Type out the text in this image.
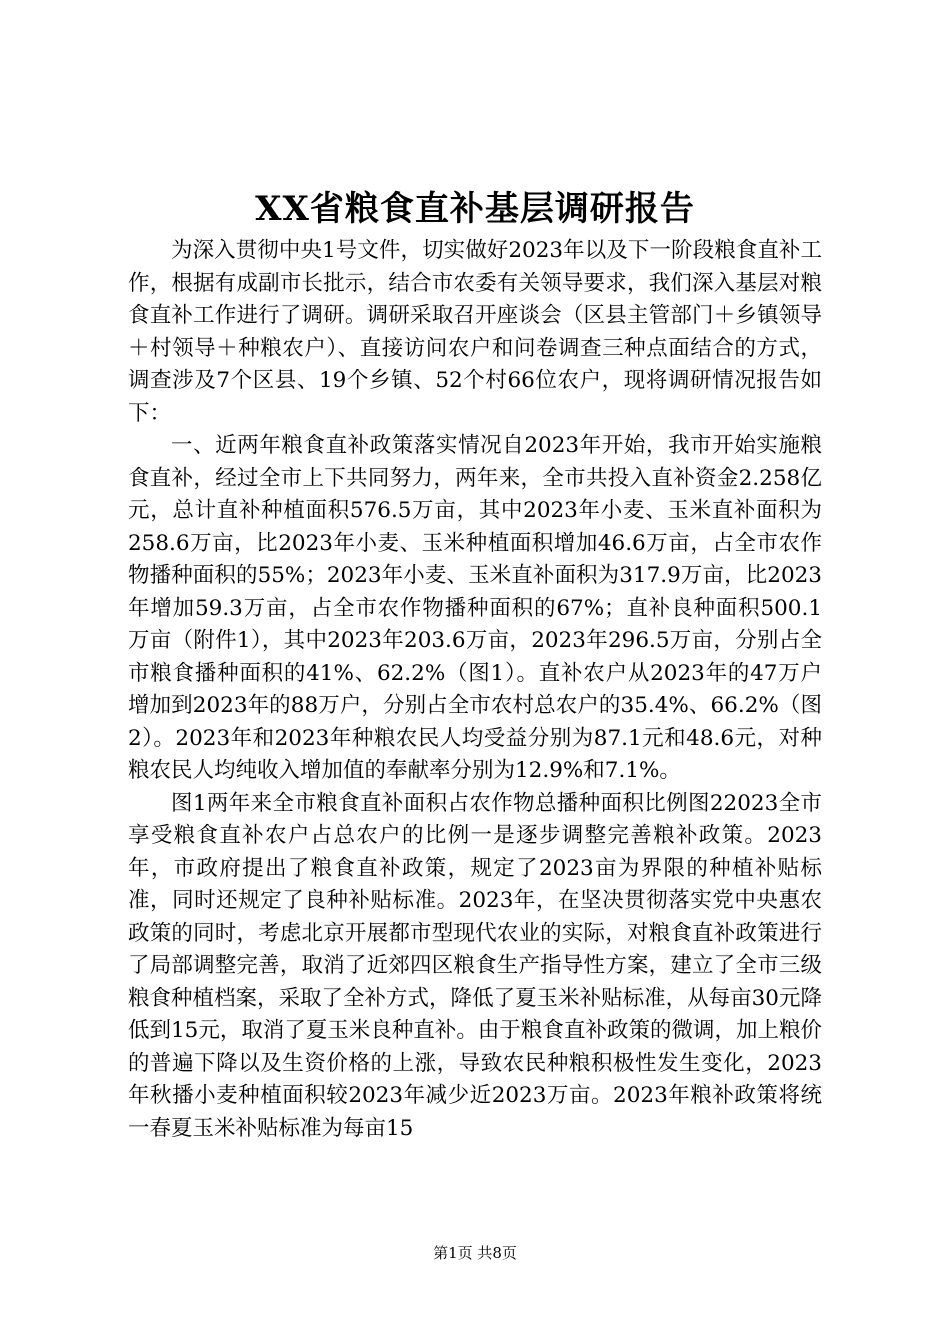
XX省粮食直补基层调研报告

为深入贯彻中央1号文件，切实做好2023年以及下一阶段粮食直补工作，根据有成副市长批示，结合市农委有关领导要求，我们深入基层对粮食直补工作进行了调研。调研采取召开座谈会（区县主管部门＋乡镇领导＋村领导＋种粮农户）、直接访问农户和问卷调查三种点面结合的方式，调查涉及7个区县、19个乡镇、52个村66位农户，现将调研情况报告如下：

一、近两年粮食直补政策落实情况自2023年开始，我市开始实施粮食直补，经过全市上下共同努力，两年来，全市共投入直补资金2.258亿元，总计直补种植面积576.5万亩，其中2023年小麦、玉米直补面积为258.6万亩，比2023年小麦、玉米种植面积增加46.6万亩，占全市农作物播种面积的55%；2023年小麦、玉米直补面积为317.9万亩，比2023年增加59.3万亩，占全市农作物播种面积的67%；直补良种面积500.1万亩（附件1），其中2023年203.6万亩，2023年296.5万亩，分别占全市粮食播种面积的41%、62.2%（图1）。直补农户从2023年的47万户增加到2023年的88万户，分别占全市农村总农户的35.4%、66.2%（图2）。2023年和2023年种粮农民人均受益分别为87.1元和48.6元，对种粮农民人均纯收入增加值的奉献率分别为12.9%和7.1%。

图1两年来全市粮食直补面积占农作物总播种面积比例图22023全市享受粮食直补农户占总农户的比例一是逐步调整完善粮补政策。2023年，市政府提出了粮食直补政策，规定了2023亩为界限的种植补贴标准，同时还规定了良种补贴标准。2023年，在坚决贯彻落实党中央惠农政策的同时，考虑北京开展都市型现代农业的实际，对粮食直补政策进行了局部调整完善，取消了近郊四区粮食生产指导性方案，建立了全市三级粮食种植档案，采取了全补方式，降低了夏玉米补贴标准，从每亩30元降低到15元，取消了夏玉米良种直补。由于粮食直补政策的微调，加上粮价的普遍下降以及生资价格的上涨，导致农民种粮积极性发生变化，2023年秋播小麦种植面积较2023年减少近2023万亩。2023年粮补政策将统一春夏玉米补贴标准为每亩15

第1页 共8页
